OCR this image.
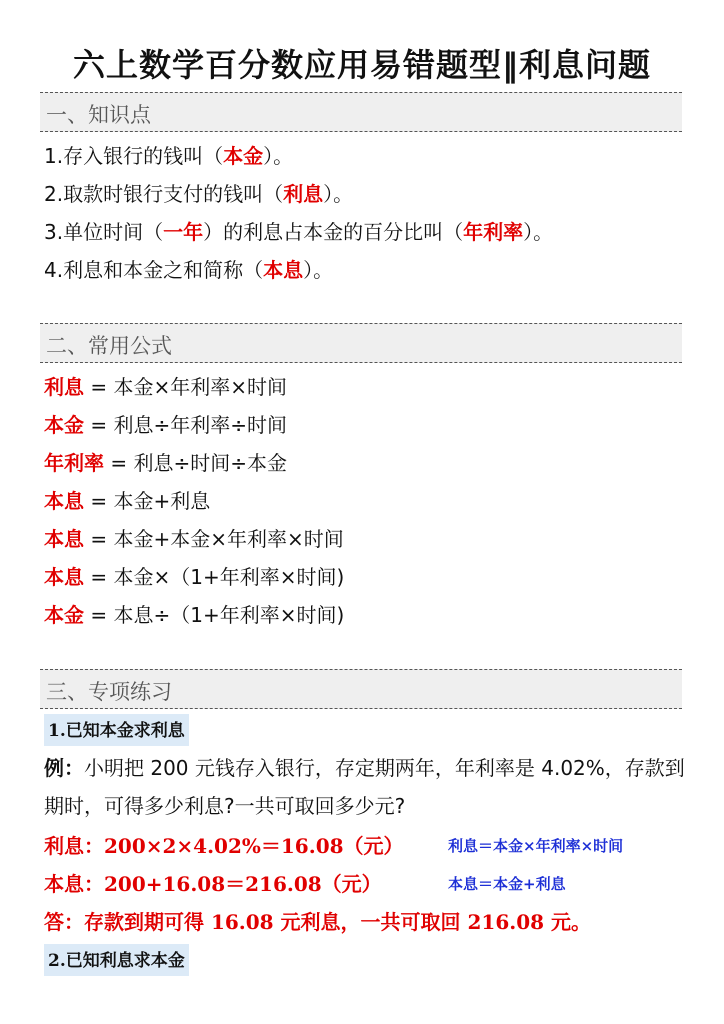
六上数学百分数应用易错题型‖利息问题
一、知识点
1.存入银行的钱叫（本金）。
2.取款时银行支付的钱叫（利息）。
3.单位时间（一年）的利息占本金的百分比叫（年利率）。
4.利息和本金之和简称（本息）。
二、常用公式
利息 = 本金×年利率×时间
本金 = 利息÷年利率÷时间
年利率 = 利息÷时间÷本金
本息 = 本金+利息
本息 = 本金+本金×年利率×时间
本息 = 本金×（1+年利率×时间)
本金 = 本息÷（1+年利率×时间)
三、专项练习
1.已知本金求利息
例：小明把 200 元钱存入银行，存定期两年，年利率是 4.02%，存款到期时，可得多少利息?一共可取回多少元?
利息：200×2×4.02%＝16.08（元）	利息＝本金×年利率×时间
本息：200+16.08＝216.08（元）	本息＝本金+利息
答：存款到期可得 16.08 元利息，一共可取回 216.08 元。
2.已知利息求本金
